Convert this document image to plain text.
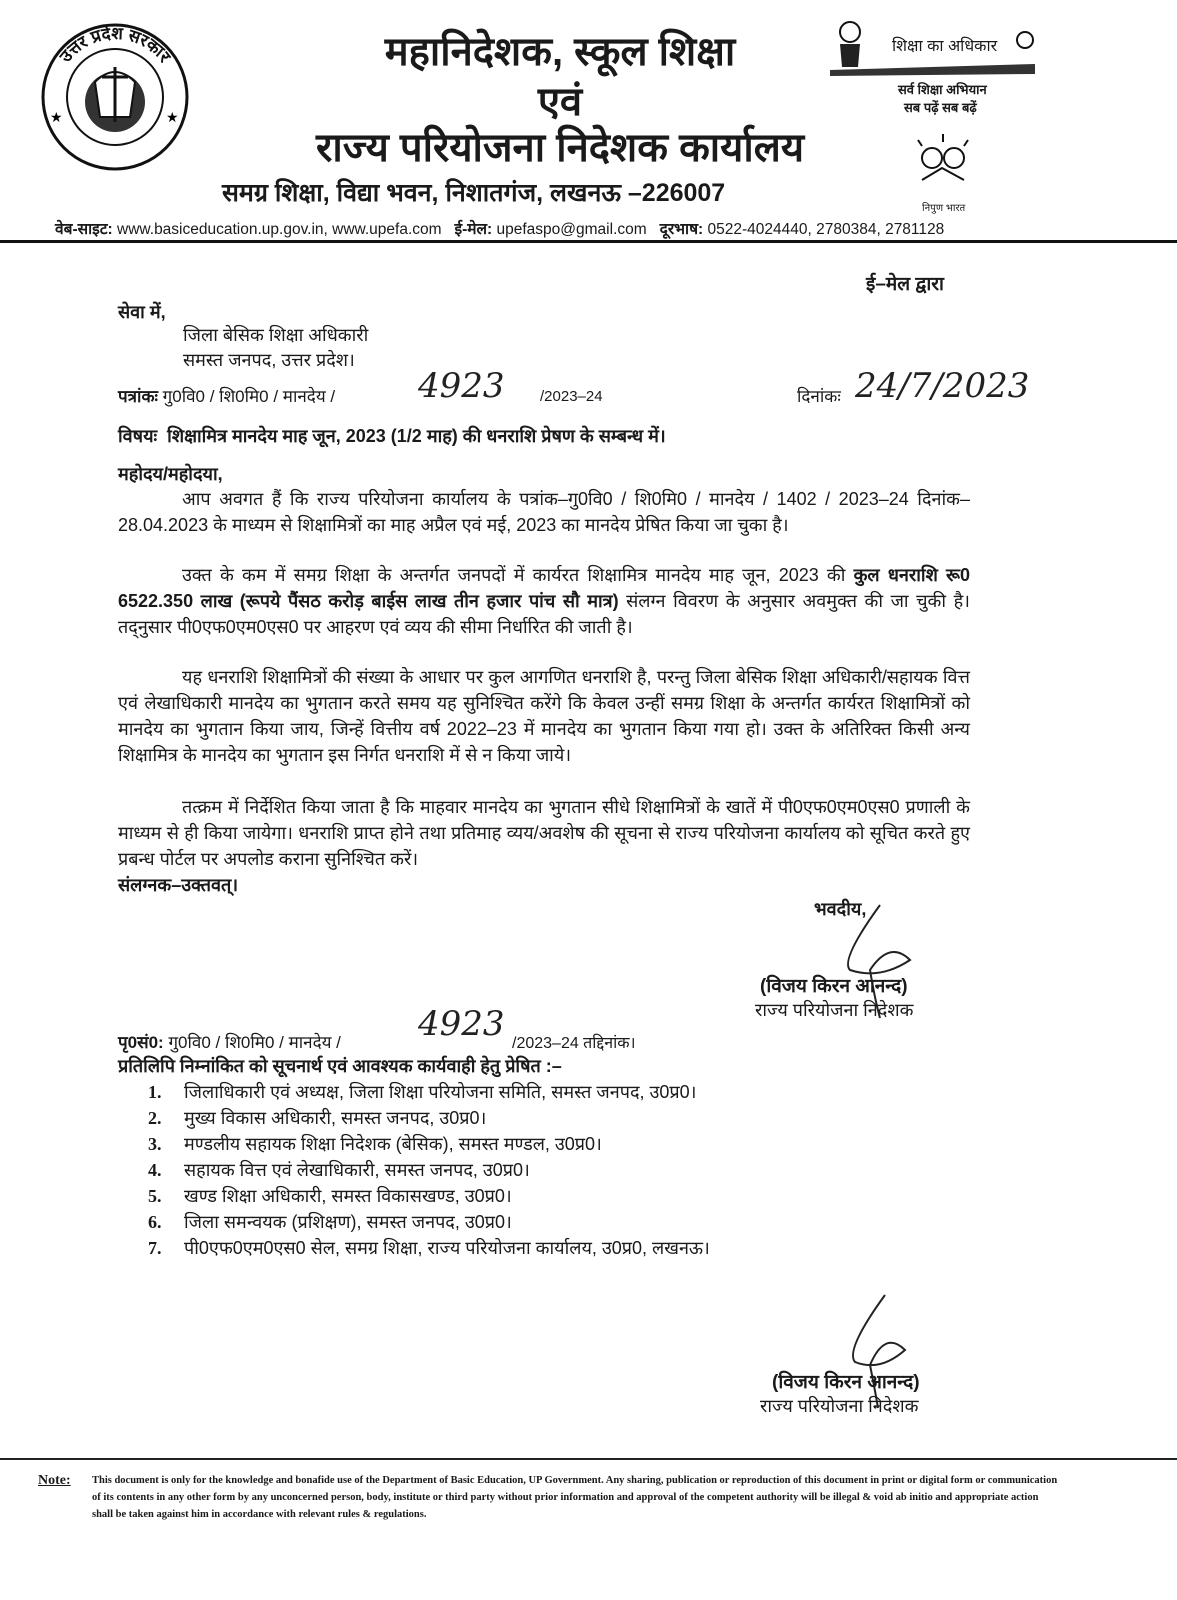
★	★
उत्तर प्रदेश सरकार	महानिदेशक, स्कूल शिक्षा
एवं
राज्य परियोजना निदेशक कार्यालय
समग्र शिक्षा, विद्या भवन, निशातगंज, लखनऊ –226007
शिक्षा का अधिकार
सर्व शिक्षा अभियान
सब पढ़ें सब बढ़ें
निपुण भारत
वेब-साइट: www.basiceducation.up.gov.in, www.upefa.com ई-मेल: upefaspo@gmail.com दूरभाष: 0522-4024440, 2780384, 2781128
ई–मेल द्वारा
सेवा में,
जिला बेसिक शिक्षा अधिकारी
समस्त जनपद, उत्तर प्रदेश।
पत्रांकः गु0वि0 / शि0मि0 / मानदेय / 4923 /2023–24	दिनांकः 24/7/2023
विषयः शिक्षामित्र मानदेय माह जून, 2023 (1/2 माह) की धनराशि प्रेषण के सम्बन्ध में।
महोदय/महोदया,
आप अवगत हैं कि राज्य परियोजना कार्यालय के पत्रांक–गु0वि0 / शि0मि0 / मानदेय / 1402 / 2023–24 दिनांक–28.04.2023 के माध्यम से शिक्षामित्रों का माह अप्रैल एवं मई, 2023 का मानदेय प्रेषित किया जा चुका है।
उक्त के कम में समग्र शिक्षा के अन्तर्गत जनपदों में कार्यरत शिक्षामित्र मानदेय माह जून, 2023 की कुल धनराशि रू0 6522.350 लाख (रूपये पैंसठ करोड़ बाईस लाख तीन हजार पांच सौ मात्र) संलग्न विवरण के अनुसार अवमुक्त की जा चुकी है। तद्नुसार पी0एफ0एम0एस0 पर आहरण एवं व्यय की सीमा निर्धारित की जाती है।
यह धनराशि शिक्षामित्रों की संख्या के आधार पर कुल आगणित धनराशि है, परन्तु जिला बेसिक शिक्षा अधिकारी/सहायक वित्त एवं लेखाधिकारी मानदेय का भुगतान करते समय यह सुनिश्चित करेंगे कि केवल उन्हीं समग्र शिक्षा के अन्तर्गत कार्यरत शिक्षामित्रों को मानदेय का भुगतान किया जाय, जिन्हें वित्तीय वर्ष 2022–23 में मानदेय का भुगतान किया गया हो। उक्त के अतिरिक्त किसी अन्य शिक्षामित्र के मानदेय का भुगतान इस निर्गत धनराशि में से न किया जाये।
तत्क्रम में निर्देशित किया जाता है कि माहवार मानदेय का भुगतान सीधे शिक्षामित्रों के खातें में पी0एफ0एम0एस0 प्रणाली के माध्यम से ही किया जायेगा। धनराशि प्राप्त होने तथा प्रतिमाह व्यय/अवशेष की सूचना से राज्य परियोजना कार्यालय को सूचित करते हुए प्रबन्ध पोर्टल पर अपलोड कराना सुनिश्चित करें।
संलग्नक–उक्तवत्।
भवदीय,
(विजय किरन आनन्द)
राज्य परियोजना निदेशक
पृ0सं0: गु0वि0 / शि0मि0 / मानदेय / 4923 /2023–24 तद्दिनांक।
प्रतिलिपि निम्नांकित को सूचनार्थ एवं आवश्यक कार्यवाही हेतु प्रेषित :–
1. जिलाधिकारी एवं अध्यक्ष, जिला शिक्षा परियोजना समिति, समस्त जनपद, उ0प्र0।
2. मुख्य विकास अधिकारी, समस्त जनपद, उ0प्र0।
3. मण्डलीय सहायक शिक्षा निदेशक (बेसिक), समस्त मण्डल, उ0प्र0।
4. सहायक वित्त एवं लेखाधिकारी, समस्त जनपद, उ0प्र0।
5. खण्ड शिक्षा अधिकारी, समस्त विकासखण्ड, उ0प्र0।
6. जिला समन्वयक (प्रशिक्षण), समस्त जनपद, उ0प्र0।
7. पी0एफ0एम0एस0 सेल, समग्र शिक्षा, राज्य परियोजना कार्यालय, उ0प्र0, लखनऊ।
(विजय किरन आनन्द)
राज्य परियोजना निदेशक
Note: This document is only for the knowledge and bonafide use of the Department of Basic Education, UP Government. Any sharing, publication or reproduction of this document in print or digital form or communication of its contents in any other form by any unconcerned person, body, institute or third party without prior information and approval of the competent authority will be illegal & void ab initio and appropriate action shall be taken against him in accordance with relevant rules & regulations.
